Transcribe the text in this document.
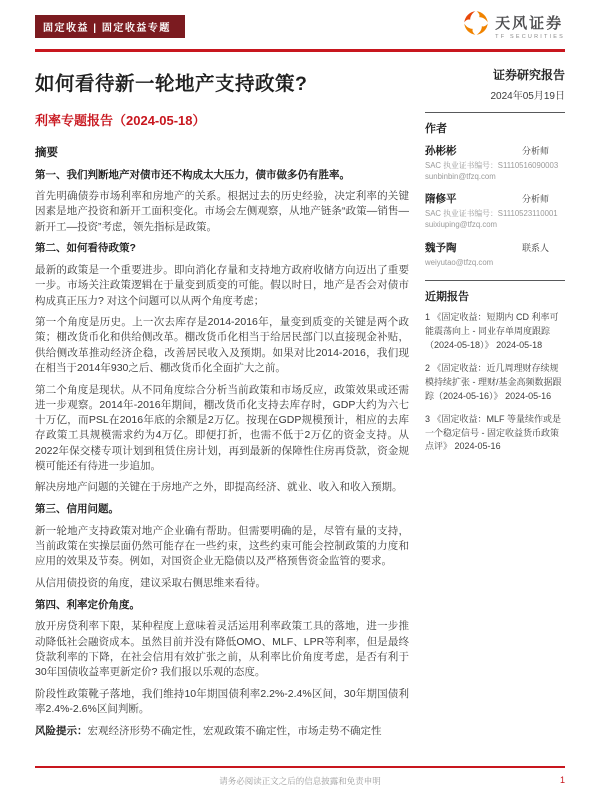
固定收益 | 固定收益专题	天风证券
TF SECURITIES
如何看待新一轮地产支持政策?
利率专题报告（2024-05-18）
摘要

第一、我们判断地产对债市还不构成太大压力，债市做多仍有胜率。

首先明确债券市场利率和房地产的关系。根据过去的历史经验，决定利率的关键因素是地产投资和新开工面积变化。市场会左侧观察，从地产链条“政策—销售—新开工—投资”考虑，领先指标是政策。

第二、如何看待政策?

最新的政策是一个重要进步。即向消化存量和支持地方政府收储方向迈出了重要一步。市场关注政策逻辑在于量变到质变的可能。假以时日，地产是否会对债市构成真正压力? 对这个问题可以从两个角度考虑；

第一个角度是历史。上一次去库存是2014-2016年，量变到质变的关键是两个政策；棚改货币化和供给侧改革。棚改货币化相当于给居民部门以直接现金补贴，供给侧改革推动经济企稳，改善居民收入及预期。如果对比2014-2016，我们现在相当于2014年930之后、棚改货币化全面扩大之前。

第二个角度是现状。从不同角度综合分析当前政策和市场反应，政策效果或还需进一步观察。2014年-2016年期间，棚改货币化支持去库存时，GDP大约为六七十万亿，而PSL在2016年底的余额是2万亿。按现在GDP规模预计，相应的去库存政策工具规模需求约为4万亿。即便打折，也需不低于2万亿的资金支持。从2022年保交楼专项计划到租赁住房计划，再到最新的保障性住房再贷款，资金规模可能还有待进一步追加。

解决房地产问题的关键在于房地产之外，即提高经济、就业、收入和收入预期。

第三、信用问题。

新一轮地产支持政策对地产企业确有帮助。但需要明确的是，尽管有量的支持，当前政策在实操层面仍然可能存在一些约束，这些约束可能会控制政策的力度和应用的效果及节奏。例如，对国资企业无隐债以及严格预售资金监管的要求。

从信用债投资的角度，建议采取右侧思维来看待。

第四、利率定价角度。

放开房贷利率下限，某种程度上意味着灵活运用利率政策工具的落地，进一步推动降低社会融资成本。虽然目前并没有降低OMO、MLF、LPR等利率，但是最终贷款利率的下降，在社会信用有效扩张之前，从利率比价角度考虑，是否有利于30年国债收益率更新定价? 我们报以乐观的态度。

阶段性政策靴子落地，我们维持10年期国债利率2.2%-2.4%区间，30年期国债利率2.4%-2.6%区间判断。

风险提示：宏观经济形势不确定性，宏观政策不确定性，市场走势不确定性

证券研究报告
2024年05月19日
作者
孙彬彬	分析师
SAC 执业证书编号：S1110516090003
sunbinbin@tfzq.com
隋修平	分析师
SAC 执业证书编号：S1110523110001
suixiuping@tfzq.com
魏予陶	联系人
weiyutao@tfzq.com
近期报告
1 《固定收益：短期内 CD 利率可能震荡向上 - 同业存单周度跟踪（2024-05-18）》 2024-05-18
2 《固定收益：近几周理财存续规模持续扩张 - 理财/基金高频数据跟踪（2024-05-16）》 2024-05-16
3 《固定收益：MLF 等量续作或是一个稳定信号 - 固定收益货币政策点评》 2024-05-16
请务必阅读正文之后的信息披露和免责申明	1
